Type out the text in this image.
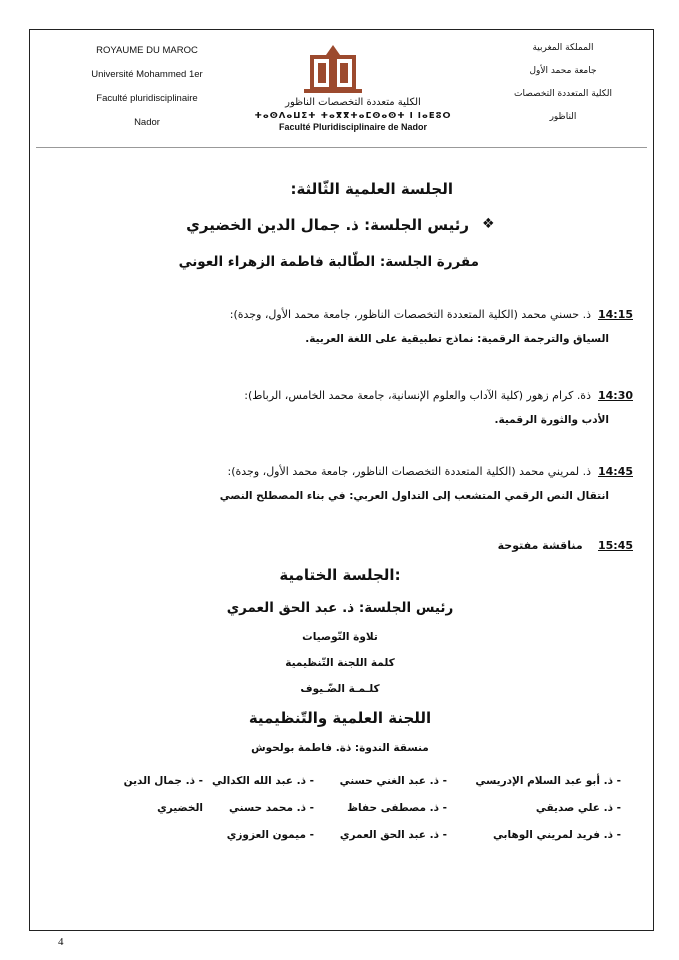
ROYAUME DU MAROC
Université Mohammed 1er
Faculté pluridisciplinaire
Nador
الكلية متعددة التخصصات الناظور
ⵜⴰⵙⴷⴰⵡⵉⵜ ⵜⴰⴳⴳⵜⴰⵎⵙⴰⵙⵜ ⵏ ⵏⴰⴹⵓⵔ
Faculté Pluridisciplinaire de Nador
المملكة المغربية
جامعة محمد الأول
الكلية المتعددة التخصصات
الناظور
الجلسة العلمية الثّالثة:
❖
رئيس الجلسة: ذ. جمال الدين الخضيري
مقررة الجلسة: الطّالبة فاطمة الزهراء العوني
14:15  ذ. حسني محمد (الكلية المتعددة التخصصات الناظور، جامعة محمد الأول، وجدة):
السياق والترجمة الرقمية: نماذج تطبيقية على اللغة العربية.
14:30  ذة. كرام زهور (كلية الآداب والعلوم الإنسانية، جامعة محمد الخامس، الرباط):
الأدب والثورة الرقمية.
14:45  ذ. لمريني محمد (الكلية المتعددة التخصصات الناظور، جامعة محمد الأول، وجدة):
انتقال النص الرقمي المتشعب إلى التداول العربي: في بناء المصطلح النصي
15:45    مناقشة مفتوحة
الجلسة الختامية:
رئيس الجلسة: ذ. عبد الحق العمري
تلاوة التّوصيات
كلمة اللجنة التّنظيمية
كلـمـة الضّـيوف
اللجنة العلمية والتّنظيمية
منسقة الندوة: ذة. فاطمة بولحوش
- ذ. أبو عبد السلام الإدريسي
- ذ. علي صديقي
- ذ. فريد لمريني الوهابي
- ذ. عبد الغني حسني
- ذ. مصطفى حفاظ
- ذ. عبد الحق العمري
- ذ. عبد الله الكدالي
- ذ. محمد حسني
- ميمون العزوزي
- ذ. جمال الدين
الخضيري
4
